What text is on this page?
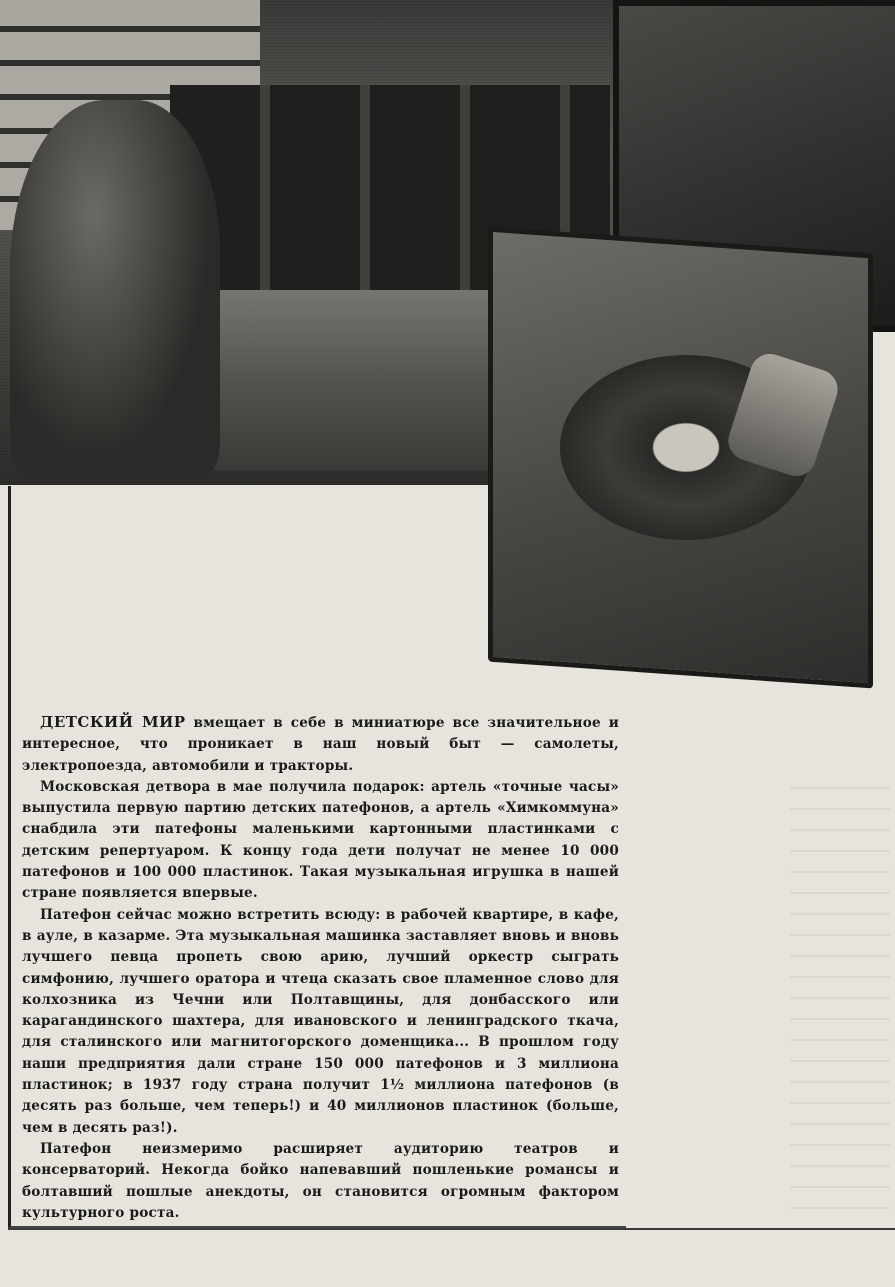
ДЕТСКИЙ МИР вмещает в себе в миниатюре все значительное и интересное, что проникает в наш новый быт — самолеты, электропоезда, автомобили и тракторы.

Московская детвора в мае получила подарок: артель «точные часы» выпустила первую партию детских патефонов, а артель «Химкоммуна» снабдила эти патефоны маленькими картонными пластинками с детским репертуаром. К концу года дети получат не менее 10 000 патефонов и 100 000 пластинок. Такая музыкальная игрушка в нашей стране появляется впервые.

Патефон сейчас можно встретить всюду: в рабочей квартире, в кафе, в ауле, в казарме. Эта музыкальная машинка заставляет вновь и вновь лучшего певца пропеть свою арию, лучший оркестр сыграть симфонию, лучшего оратора и чтеца сказать свое пламенное слово для колхозника из Чечни или Полтавщины, для донбасского или карагандинского шахтера, для ивановского и ленинградского ткача, для сталинского или магнитогорского доменщика... В прошлом году наши предприятия дали стране 150 000 патефонов и 3 миллиона пластинок; в 1937 году страна получит 1½ миллиона патефонов (в десять раз больше, чем теперь!) и 40 миллионов пластинок (больше, чем в десять раз!).

Патефон неизмеримо расширяет аудиторию театров и консерваторий. Некогда бойко напевавший пошленькие романсы и болтавший пошлые анекдоты, он становится огромным фактором культурного роста.
